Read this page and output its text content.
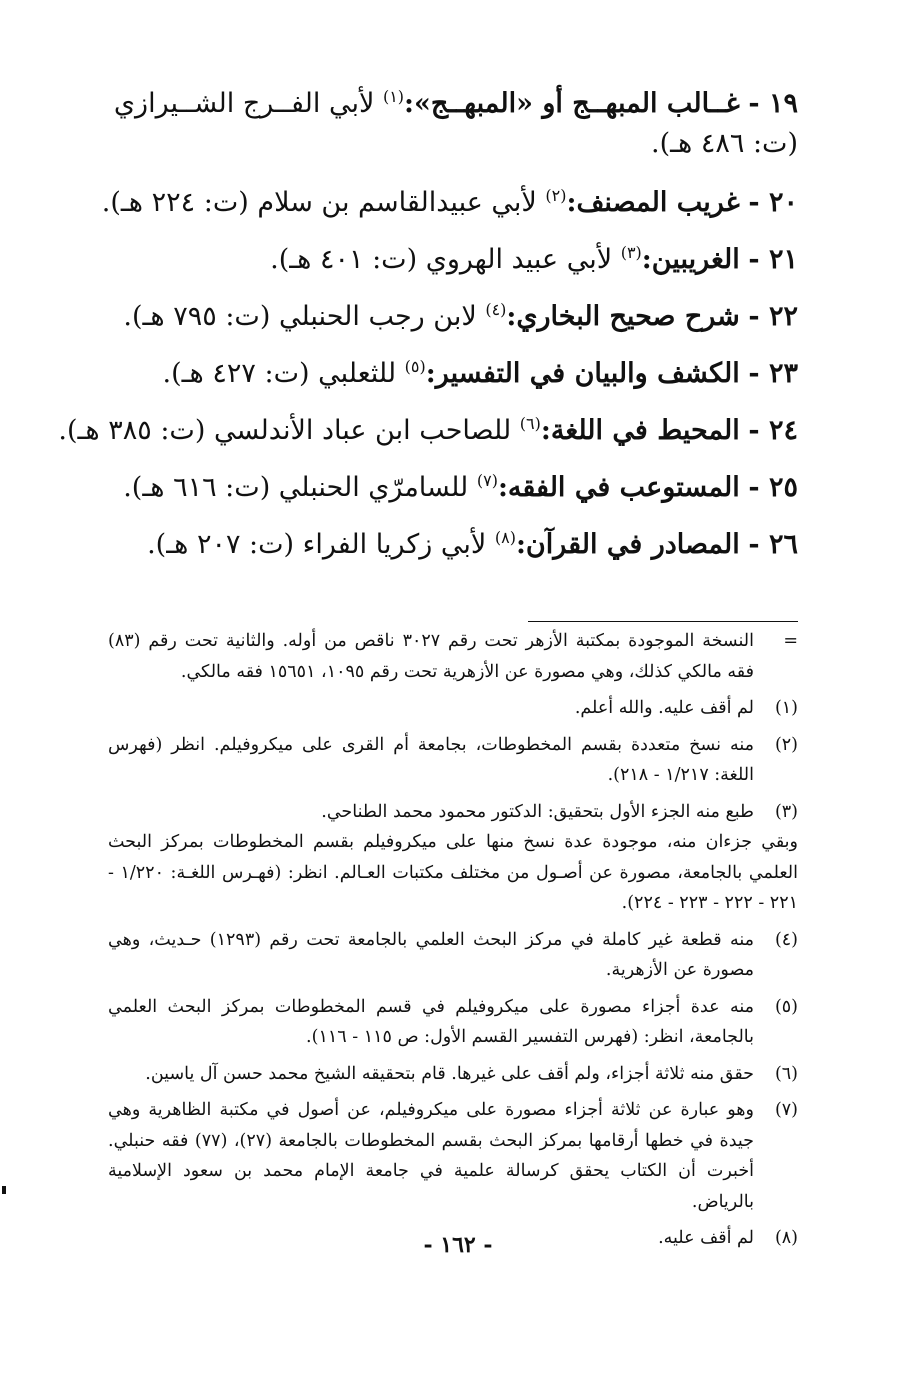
١٩ - غــالب المبهــج أو «المبهــج»:$^{(١)}$ لأبي الفــرج الشــيرازي (ت: ٤٨٦ هـ).
٢٠ - غريب المصنف:$^{(٢)}$ لأبي عبيدالقاسم بن سلام (ت: ٢٢٤ هـ).
٢١ - الغريبين:$^{(٣)}$ لأبي عبيد الهروي (ت: ٤٠١ هـ).
٢٢ - شرح صحيح البخاري:$^{(٤)}$ لابن رجب الحنبلي (ت: ٧٩٥ هـ).
٢٣ - الكشف والبيان في التفسير:$^{(٥)}$ للثعلبي (ت: ٤٢٧ هـ).
٢٤ - المحيط في اللغة:$^{(٦)}$ للصاحب ابن عباد الأندلسي (ت: ٣٨٥ هـ).
٢٥ - المستوعب في الفقه:$^{(٧)}$ للسامرّي الحنبلي (ت: ٦١٦ هـ).
٢٦ - المصادر في القرآن:$^{(٨)}$ لأبي زكريا الفراء (ت: ٢٠٧ هـ).
=
النسخة الموجودة بمكتبة الأزهر تحت رقم ٣٠٢٧ ناقص من أوله. والثانية تحت رقم (٨٣) فقه مالكي كذلك، وهي مصورة عن الأزهرية تحت رقم ١٠٩٥، ١٥٦٥١ فقه مالكي.
(١)
لم أقف عليه. والله أعلم.
(٢)
منه نسخ متعددة بقسم المخطوطات، بجامعة أم القرى على ميكروفيلم. انظر (فهرس اللغة: ١/٢١٧ - ٢١٨).
(٣)
طبع منه الجزء الأول بتحقيق: الدكتور محمود محمد الطناحي.
وبقي جزءان منه، موجودة عدة نسخ منها على ميكروفيلم بقسم المخطوطات بمركز البحث العلمي بالجامعة، مصورة عن أصـول من مختلف مكتبات العـالم. انظر: (فهـرس اللغـة: ١/٢٢٠ - ٢٢١ - ٢٢٢ - ٢٢٣ - ٢٢٤).
(٤)
منه قطعة غير كاملة في مركز البحث العلمي بالجامعة تحت رقم (١٢٩٣) حـديث، وهي مصورة عن الأزهرية.
(٥)
منه عدة أجزاء مصورة على ميكروفيلم في قسم المخطوطات بمركز البحث العلمي بالجامعة، انظر: (فهرس التفسير القسم الأول: ص ١١٥ - ١١٦).
(٦)
حقق منه ثلاثة أجزاء، ولم أقف على غيرها. قام بتحقيقه الشيخ محمد حسن آل ياسين.
(٧)
وهو عبارة عن ثلاثة أجزاء مصورة على ميكروفيلم، عن أصول في مكتبة الظاهرية وهي جيدة في خطها أرقامها بمركز البحث بقسم المخطوطات بالجامعة (٢٧)، (٧٧) فقه حنبلي. أخبرت أن الكتاب يحقق كرسالة علمية في جامعة الإمام محمد بن سعود الإسلامية بالرياض.
(٨)
لم أقف عليه.
- ١٦٢ -
